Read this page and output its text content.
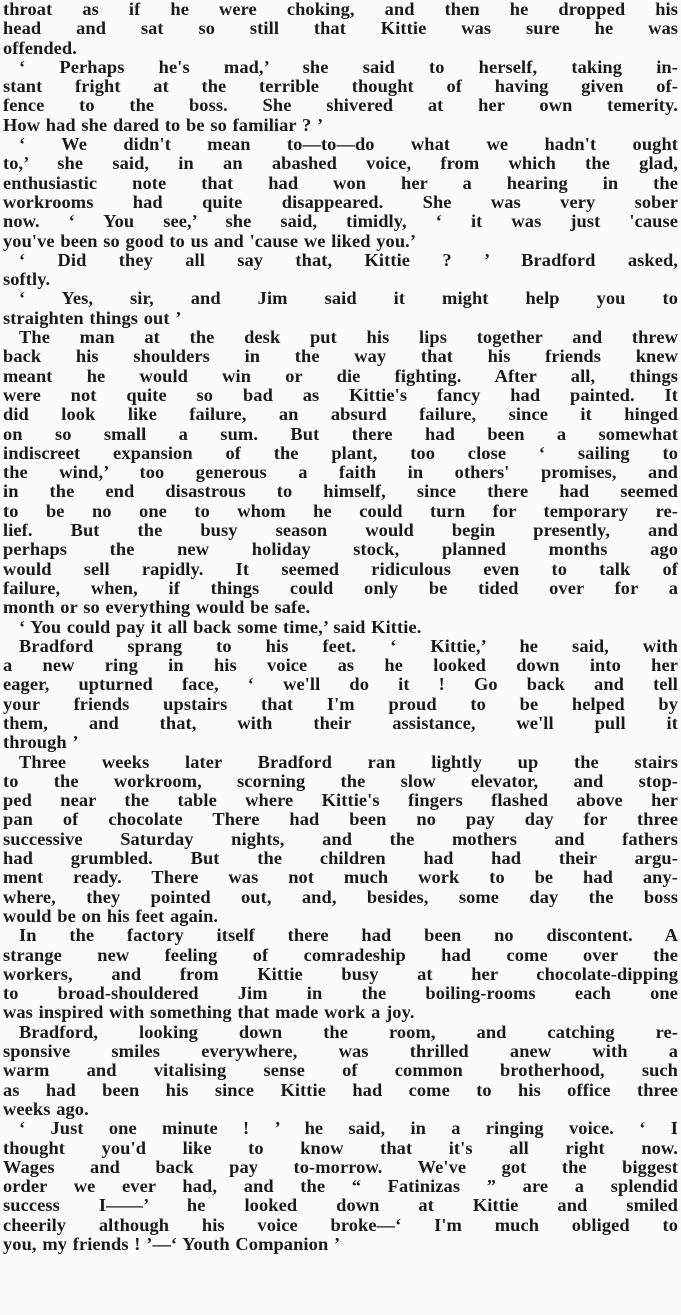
throat as if he were choking, and then he dropped his
head and sat so still that Kittie was sure he was
offended.
‘ Perhaps he's mad,’ she said to herself, taking in-
stant fright at the terrible thought of having given of-
fence to the boss. She shivered at her own temerity.
How had she dared to be so familiar ? ’
‘ We didn't mean to—to—do what we hadn't ought
to,’ she said, in an abashed voice, from which the glad,
enthusiastic note that had won her a hearing in the
workrooms had quite disappeared. She was very sober
now. ‘ You see,’ she said, timidly, ‘ it was just 'cause
you've been so good to us and 'cause we liked you.’
‘ Did they all say that, Kittie ? ’ Bradford asked,
softly.
‘ Yes, sir, and Jim said it might help you to
straighten things out ’
The man at the desk put his lips together and threw
back his shoulders in the way that his friends knew
meant he would win or die fighting. After all, things
were not quite so bad as Kittie's fancy had painted. It
did look like failure, an absurd failure, since it hinged
on so small a sum. But there had been a somewhat
indiscreet expansion of the plant, too close ‘ sailing to
the wind,’ too generous a faith in others' promises, and
in the end disastrous to himself, since there had seemed
to be no one to whom he could turn for temporary re-
lief. But the busy season would begin presently, and
perhaps the new holiday stock, planned months ago
would sell rapidly. It seemed ridiculous even to talk of
failure, when, if things could only be tided over for a
month or so everything would be safe.
‘ You could pay it all back some time,’ said Kittie.
Bradford sprang to his feet. ‘ Kittie,’ he said, with
a new ring in his voice as he looked down into her
eager, upturned face, ‘ we'll do it ! Go back and tell
your friends upstairs that I'm proud to be helped by
them, and that, with their assistance, we'll pull it
through ’
Three weeks later Bradford ran lightly up the stairs
to the workroom, scorning the slow elevator, and stop-
ped near the table where Kittie's fingers flashed above her
pan of chocolate There had been no pay day for three
successive Saturday nights, and the mothers and fathers
had grumbled. But the children had had their argu-
ment ready. There was not much work to be had any-
where, they pointed out, and, besides, some day the boss
would be on his feet again.
In the factory itself there had been no discontent. A
strange new feeling of comradeship had come over the
workers, and from Kittie busy at her chocolate-dipping
to broad-shouldered Jim in the boiling-rooms each one
was inspired with something that made work a joy.
Bradford, looking down the room, and catching re-
sponsive smiles everywhere, was thrilled anew with a
warm and vitalising sense of common brotherhood, such
as had been his since Kittie had come to his office three
weeks ago.
‘ Just one minute ! ’ he said, in a ringing voice. ‘ I
thought you'd like to know that it's all right now.
Wages and back pay to-morrow. We've got the biggest
order we ever had, and the “ Fatinizas ” are a splendid
success I——’ he looked down at Kittie and smiled
cheerily although his voice broke—‘ I'm much obliged to
you, my friends ! ’—‘ Youth Companion ’
